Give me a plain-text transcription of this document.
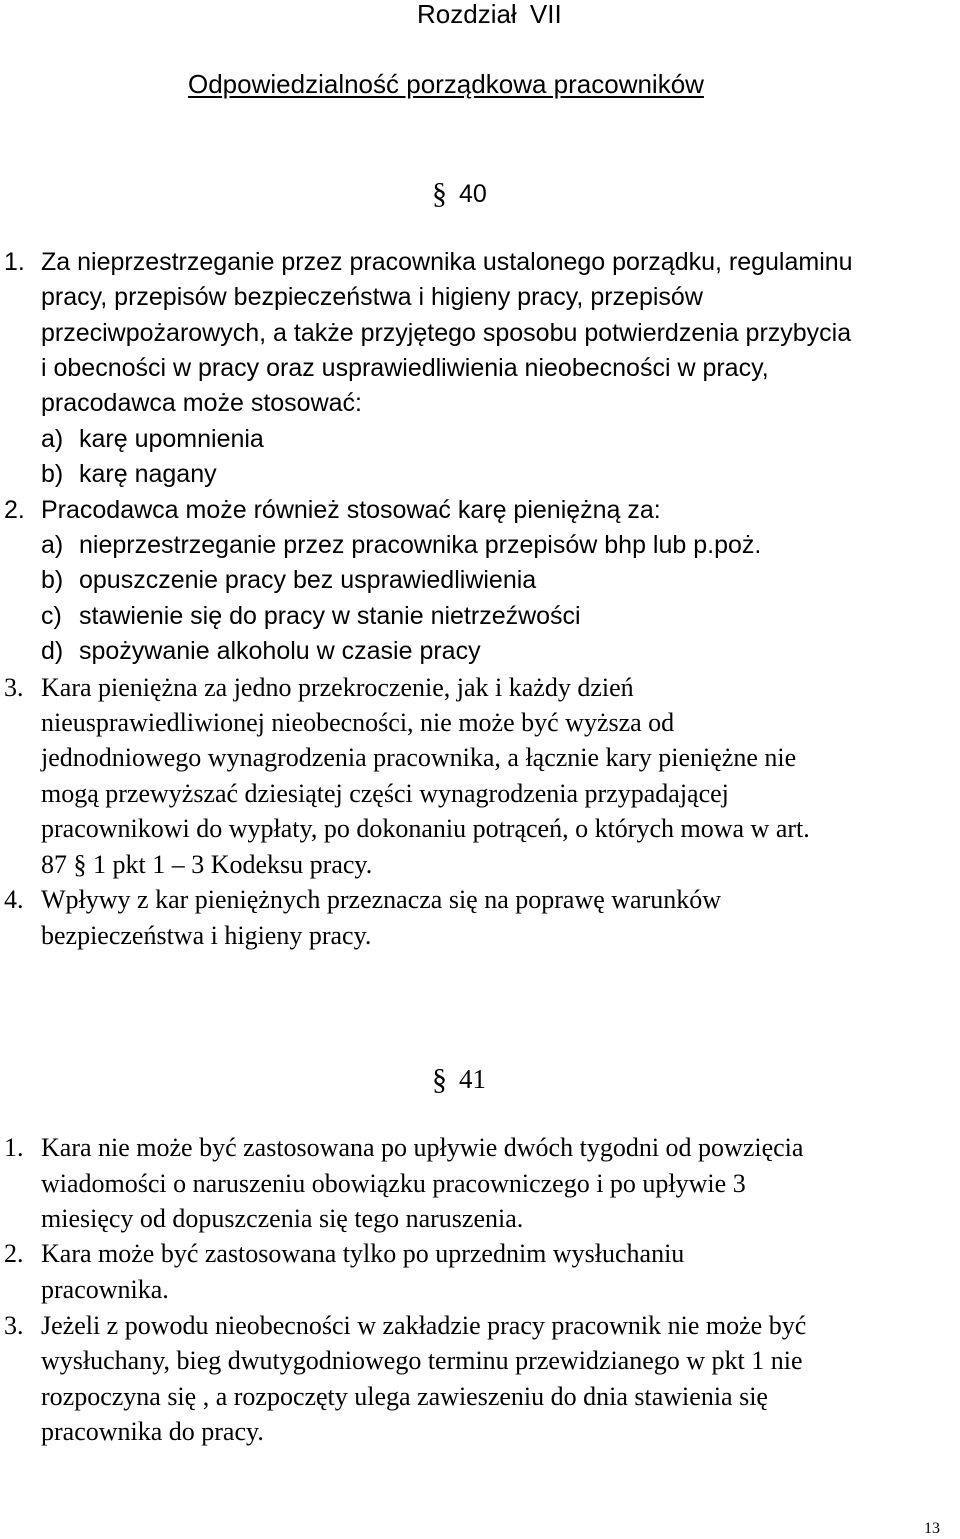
Rozdział VII
Odpowiedzialność porządkowa pracowników
§ 40
1. Za nieprzestrzeganie przez pracownika ustalonego porządku, regulaminu
pracy, przepisów bezpieczeństwa i higieny pracy, przepisów
przeciwpożarowych, a także przyjętego sposobu potwierdzenia przybycia
i obecności w pracy oraz usprawiedliwienia nieobecności w pracy,
pracodawca może stosować:
a) karę upomnienia
b) karę nagany
2. Pracodawca może również stosować karę pieniężną za:
a) nieprzestrzeganie przez pracownika przepisów bhp lub p.poż.
b) opuszczenie pracy bez usprawiedliwienia
c) stawienie się do pracy w stanie nietrzeźwości
d) spożywanie alkoholu w czasie pracy
3. Kara pieniężna za jedno przekroczenie, jak i każdy dzień
nieusprawiedliwionej nieobecności, nie może być wyższa od
jednodniowego wynagrodzenia pracownika, a łącznie kary pieniężne nie
mogą przewyższać dziesiątej części wynagrodzenia przypadającej
pracownikowi do wypłaty, po dokonaniu potrąceń, o których mowa w art.
87 § 1 pkt 1 – 3 Kodeksu pracy.
4. Wpływy z kar pieniężnych przeznacza się na poprawę warunków
bezpieczeństwa i higieny pracy.
§ 41
1. Kara nie może być zastosowana po upływie dwóch tygodni od powzięcia
wiadomości o naruszeniu obowiązku pracowniczego i po upływie 3
miesięcy od dopuszczenia się tego naruszenia.
2. Kara może być zastosowana tylko po uprzednim wysłuchaniu
pracownika.
3. Jeżeli z powodu nieobecności w zakładzie pracy pracownik nie może być
wysłuchany, bieg dwutygodniowego terminu przewidzianego w pkt 1 nie
rozpoczyna się , a rozpoczęty ulega zawieszeniu do dnia stawienia się
pracownika do pracy.
13
